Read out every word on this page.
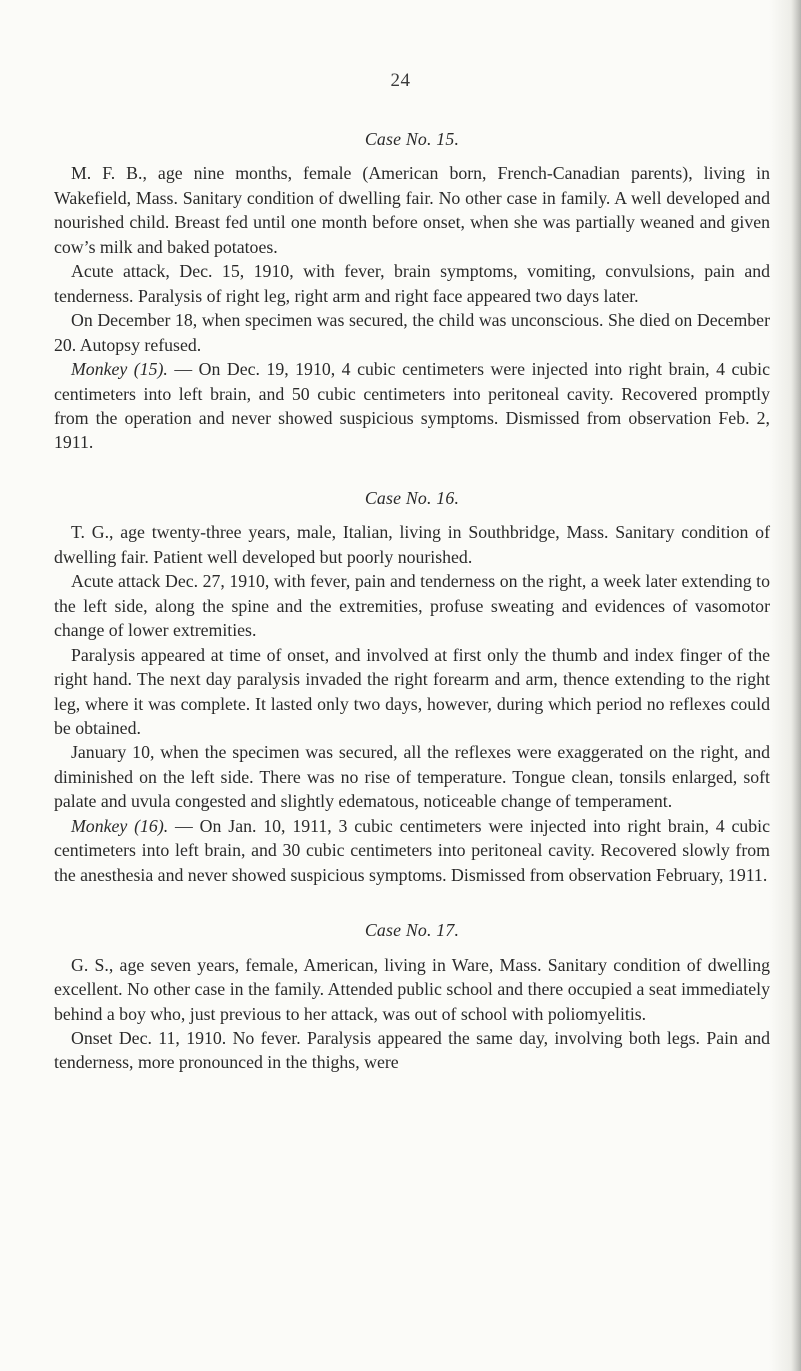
24

Case No. 15.

M. F. B., age nine months, female (American born, French-Canadian parents), living in Wakefield, Mass. Sanitary condition of dwelling fair. No other case in family. A well developed and nourished child. Breast fed until one month before onset, when she was partially weaned and given cow’s milk and baked potatoes.

Acute attack, Dec. 15, 1910, with fever, brain symptoms, vomiting, convulsions, pain and tenderness. Paralysis of right leg, right arm and right face appeared two days later.

On December 18, when specimen was secured, the child was unconscious. She died on December 20. Autopsy refused.

Monkey (15). — On Dec. 19, 1910, 4 cubic centimeters were injected into right brain, 4 cubic centimeters into left brain, and 50 cubic centimeters into peritoneal cavity. Recovered promptly from the operation and never showed suspicious symptoms. Dismissed from observation Feb. 2, 1911.

Case No. 16.

T. G., age twenty-three years, male, Italian, living in Southbridge, Mass. Sanitary condition of dwelling fair. Patient well developed but poorly nourished.

Acute attack Dec. 27, 1910, with fever, pain and tenderness on the right, a week later extending to the left side, along the spine and the extremities, profuse sweating and evidences of vasomotor change of lower extremities.

Paralysis appeared at time of onset, and involved at first only the thumb and index finger of the right hand. The next day paralysis invaded the right forearm and arm, thence extending to the right leg, where it was complete. It lasted only two days, however, during which period no reflexes could be obtained.

January 10, when the specimen was secured, all the reflexes were exaggerated on the right, and diminished on the left side. There was no rise of temperature. Tongue clean, tonsils enlarged, soft palate and uvula congested and slightly edematous, noticeable change of temperament.

Monkey (16). — On Jan. 10, 1911, 3 cubic centimeters were injected into right brain, 4 cubic centimeters into left brain, and 30 cubic centimeters into peritoneal cavity. Recovered slowly from the anesthesia and never showed suspicious symptoms. Dismissed from observation February, 1911.

Case No. 17.

G. S., age seven years, female, American, living in Ware, Mass. Sanitary condition of dwelling excellent. No other case in the family. Attended public school and there occupied a seat immediately behind a boy who, just previous to her attack, was out of school with poliomyelitis.

Onset Dec. 11, 1910. No fever. Paralysis appeared the same day, involving both legs. Pain and tenderness, more pronounced in the thighs, were
